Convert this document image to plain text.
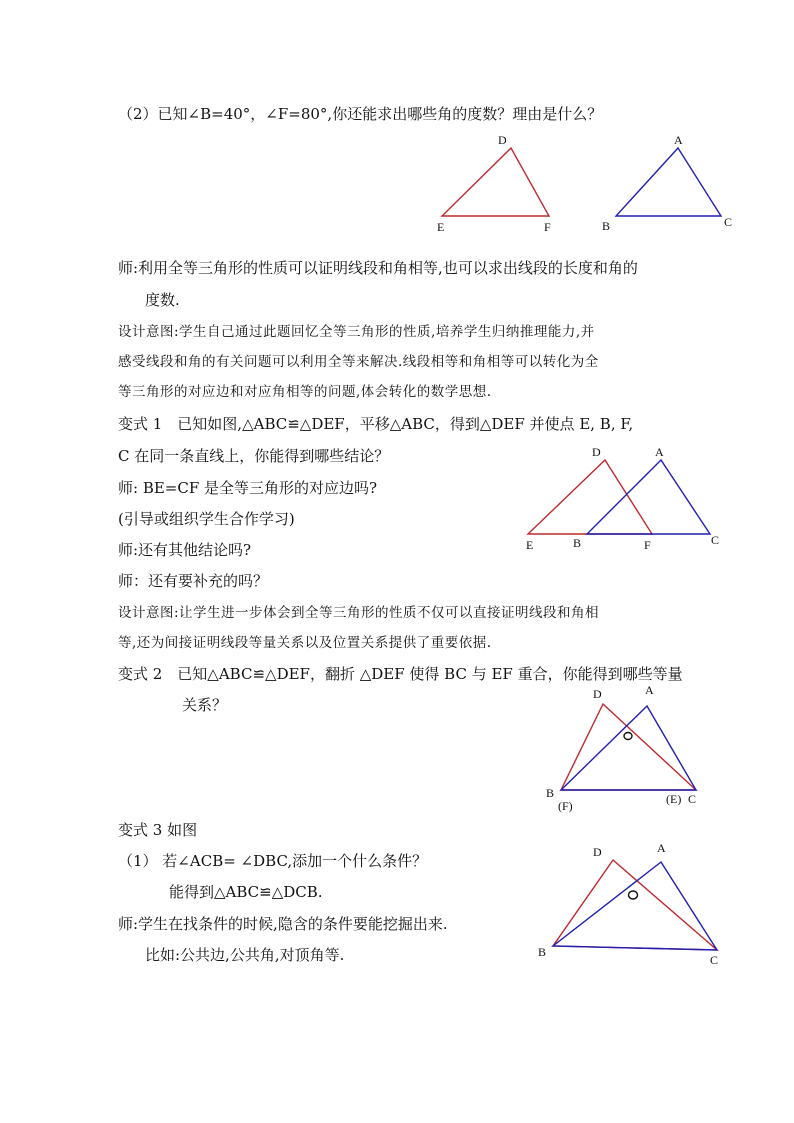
（2）已知∠B=40°，∠F=80°,你还能求出哪些角的度数？理由是什么？
师:利用全等三角形的性质可以证明线段和角相等,也可以求出线段的长度和角的
度数.
设计意图:学生自己通过此题回忆全等三角形的性质,培养学生归纳推理能力,并
感受线段和角的有关问题可以利用全等来解决.线段相等和角相等可以转化为全
等三角形的对应边和对应角相等的问题,体会转化的数学思想.
变式 1　已知如图,△ABC≌△DEF，平移△ABC，得到△DEF 并使点 E, B, F,
C 在同一条直线上，你能得到哪些结论？
师: BE=CF 是全等三角形的对应边吗?
(引导或组织学生合作学习)
师:还有其他结论吗?
师：还有要补充的吗？
设计意图:让学生进一步体会到全等三角形的性质不仅可以直接证明线段和角相
等,还为间接证明线段等量关系以及位置关系提供了重要依据.
变式 2　已知△ABC≌△DEF，翻折 △DEF 使得 BC 与 EF 重合，你能得到哪些等量
关系？
变式 3 如图
（1） 若∠ACB= ∠DBC,添加一个什么条件？
能得到△ABC≌△DCB.
师:学生在找条件的时候,隐含的条件要能挖掘出来.
比如:公共边,公共角,对顶角等.
D
E	F
A
B	C
D	A
E	B	F	C
D	A
B
(F)	(E) C
D	A
B
C
